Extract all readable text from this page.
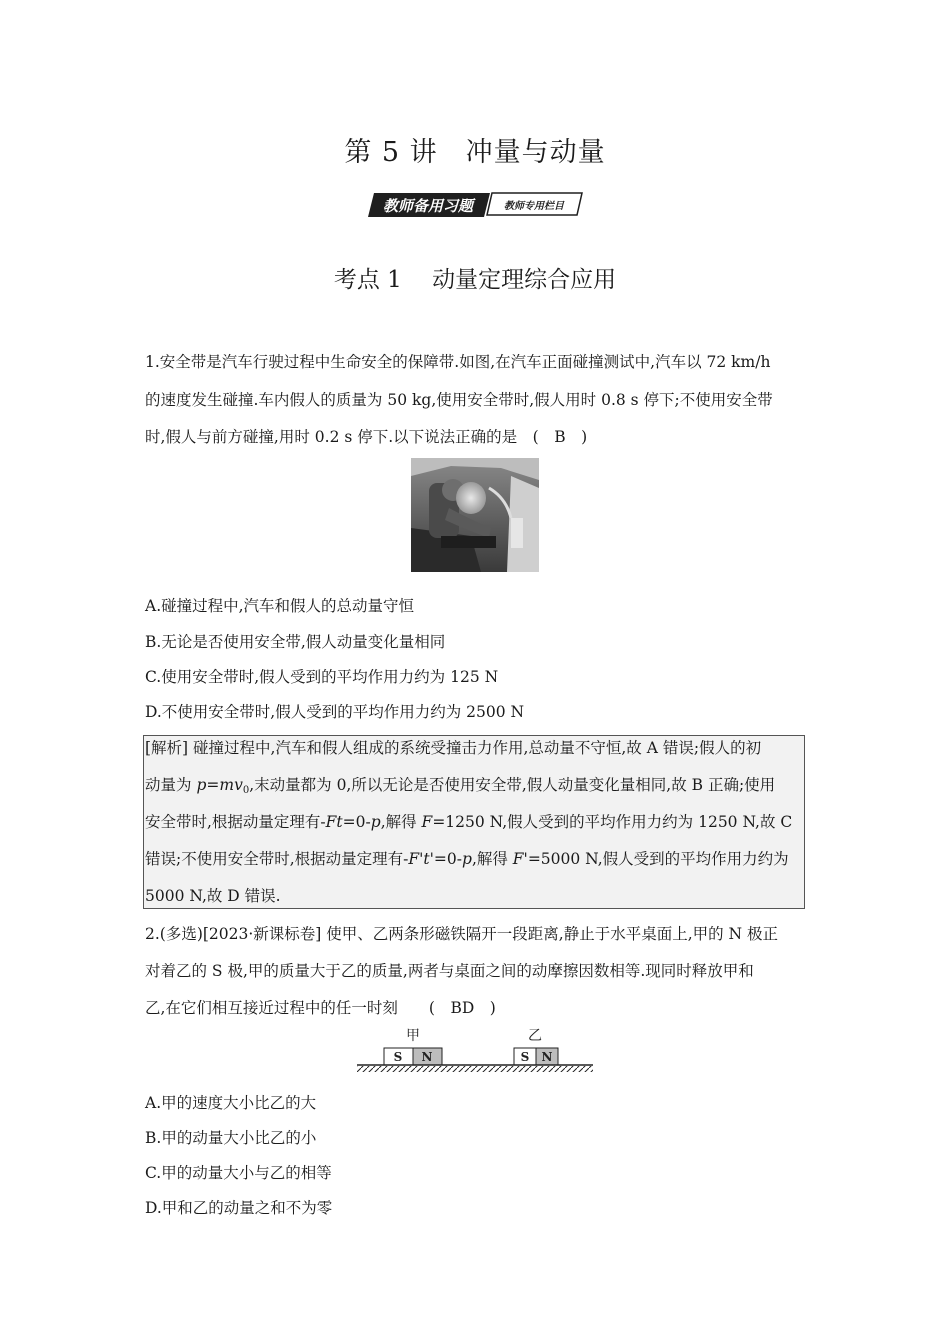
第 5 讲　冲量与动量
教师备用习题	教师专用栏目
考点 1　 动量定理综合应用
1.安全带是汽车行驶过程中生命安全的保障带.如图,在汽车正面碰撞测试中,汽车以 72 km/h
的速度发生碰撞.车内假人的质量为 50 kg,使用安全带时,假人用时 0.8 s 停下;不使用安全带
时,假人与前方碰撞,用时 0.2 s 停下.以下说法正确的是　(　B　)
A.碰撞过程中,汽车和假人的总动量守恒
B.无论是否使用安全带,假人动量变化量相同
C.使用安全带时,假人受到的平均作用力约为 125 N
D.不使用安全带时,假人受到的平均作用力约为 2500 N
[解析] 碰撞过程中,汽车和假人组成的系统受撞击力作用,总动量不守恒,故 A 错误;假人的初
动量为 $p=mv_0$,末动量都为 0,所以无论是否使用安全带,假人动量变化量相同,故 B 正确;使用
安全带时,根据动量定理有-Ft=0-p,解得 F=1250 N,假人受到的平均作用力约为 1250 N,故 C
错误;不使用安全带时,根据动量定理有-F't'=0-p,解得 F'=5000 N,假人受到的平均作用力约为
5000 N,故 D 错误.
2.(多选)[2023·新课标卷] 使甲、乙两条形磁铁隔开一段距离,静止于水平桌面上,甲的 N 极正
对着乙的 S 极,甲的质量大于乙的质量,两者与桌面之间的动摩擦因数相等.现同时释放甲和
乙,在它们相互接近过程中的任一时刻　　(　BD　)
甲	乙
S N	S N
A.甲的速度大小比乙的大
B.甲的动量大小比乙的小
C.甲的动量大小与乙的相等
D.甲和乙的动量之和不为零
